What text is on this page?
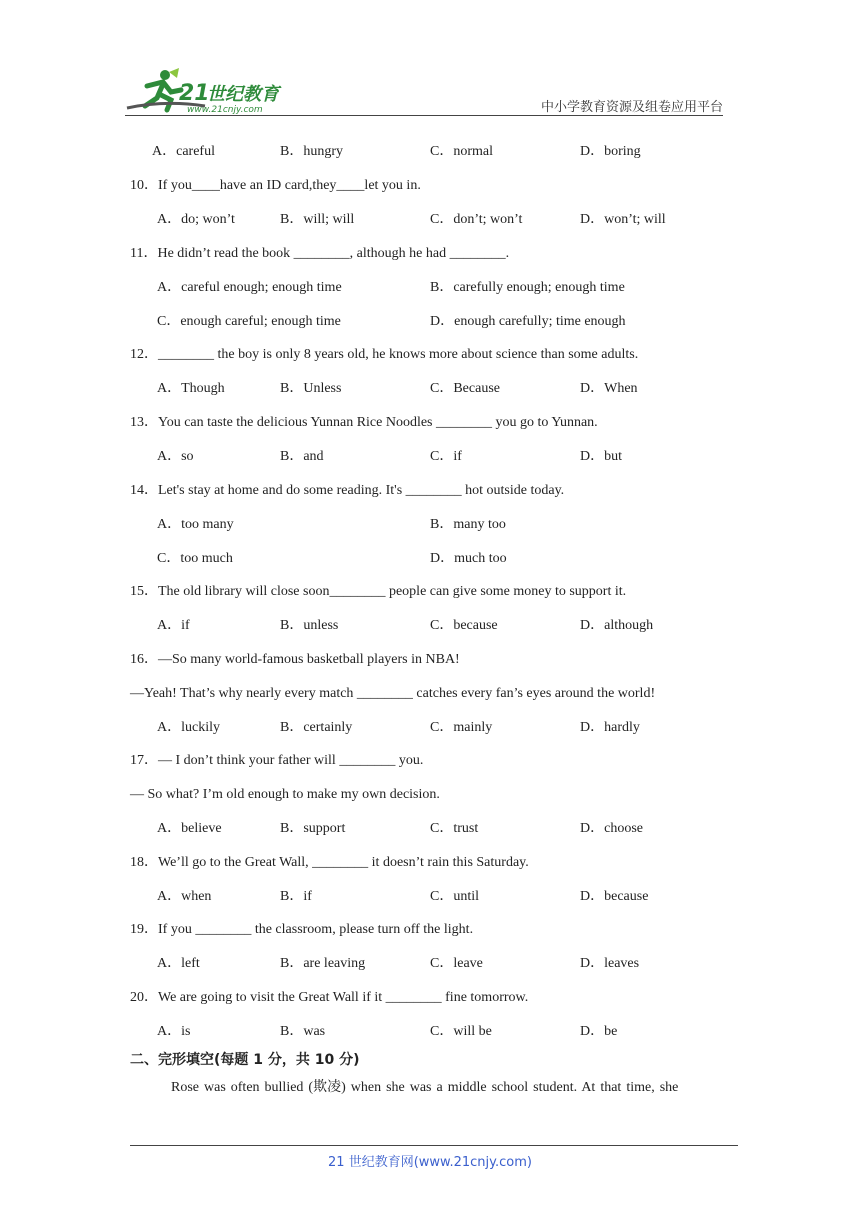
21
世纪教育
www.21cnjy.com	中小学教育资源及组卷应用平台
A．careful	B．hungry	C．normal	D．boring
10．If you____have an ID card,they____let you in.
A．do; won’t	B．will; will	C．don’t; won’t	D．won’t; will
11．He didn’t read the book ________, although he had ________.
A．careful enough; enough time	B．carefully enough; enough time
C．enough careful; enough time	D．enough carefully; time enough
12．________ the boy is only 8 years old, he knows more about science than some adults.
A．Though	B．Unless	C．Because	D．When
13．You can taste the delicious Yunnan Rice Noodles ________ you go to Yunnan.
A．so	B．and	C．if	D．but
14．Let's stay at home and do some reading. It's ________ hot outside today.
A．too many	B．many too
C．too much	D．much too
15．The old library will close soon________ people can give some money to support it.
A．if	B．unless	C．because	D．although
16．—So many world-famous basketball players in NBA!
—Yeah! That’s why nearly every match ________ catches every fan’s eyes around the world!
A．luckily	B．certainly	C．mainly	D．hardly
17．— I don’t think your father will ________ you.
— So what? I’m old enough to make my own decision.
A．believe	B．support	C．trust	D．choose
18．We’ll go to the Great Wall, ________ it doesn’t rain this Saturday.
A．when	B．if	C．until	D．because
19．If you ________ the classroom, please turn off the light.
A．left	B．are leaving	C．leave	D．leaves
20．We are going to visit the Great Wall if it ________ fine tomorrow.
A．is	B．was	C．will be	D．be
二、完形填空(每题 1 分，共 10 分)
Rose was often bullied (欺凌) when she was a middle school student. At that time, she
21 世纪教育网(www.21cnjy.com)
